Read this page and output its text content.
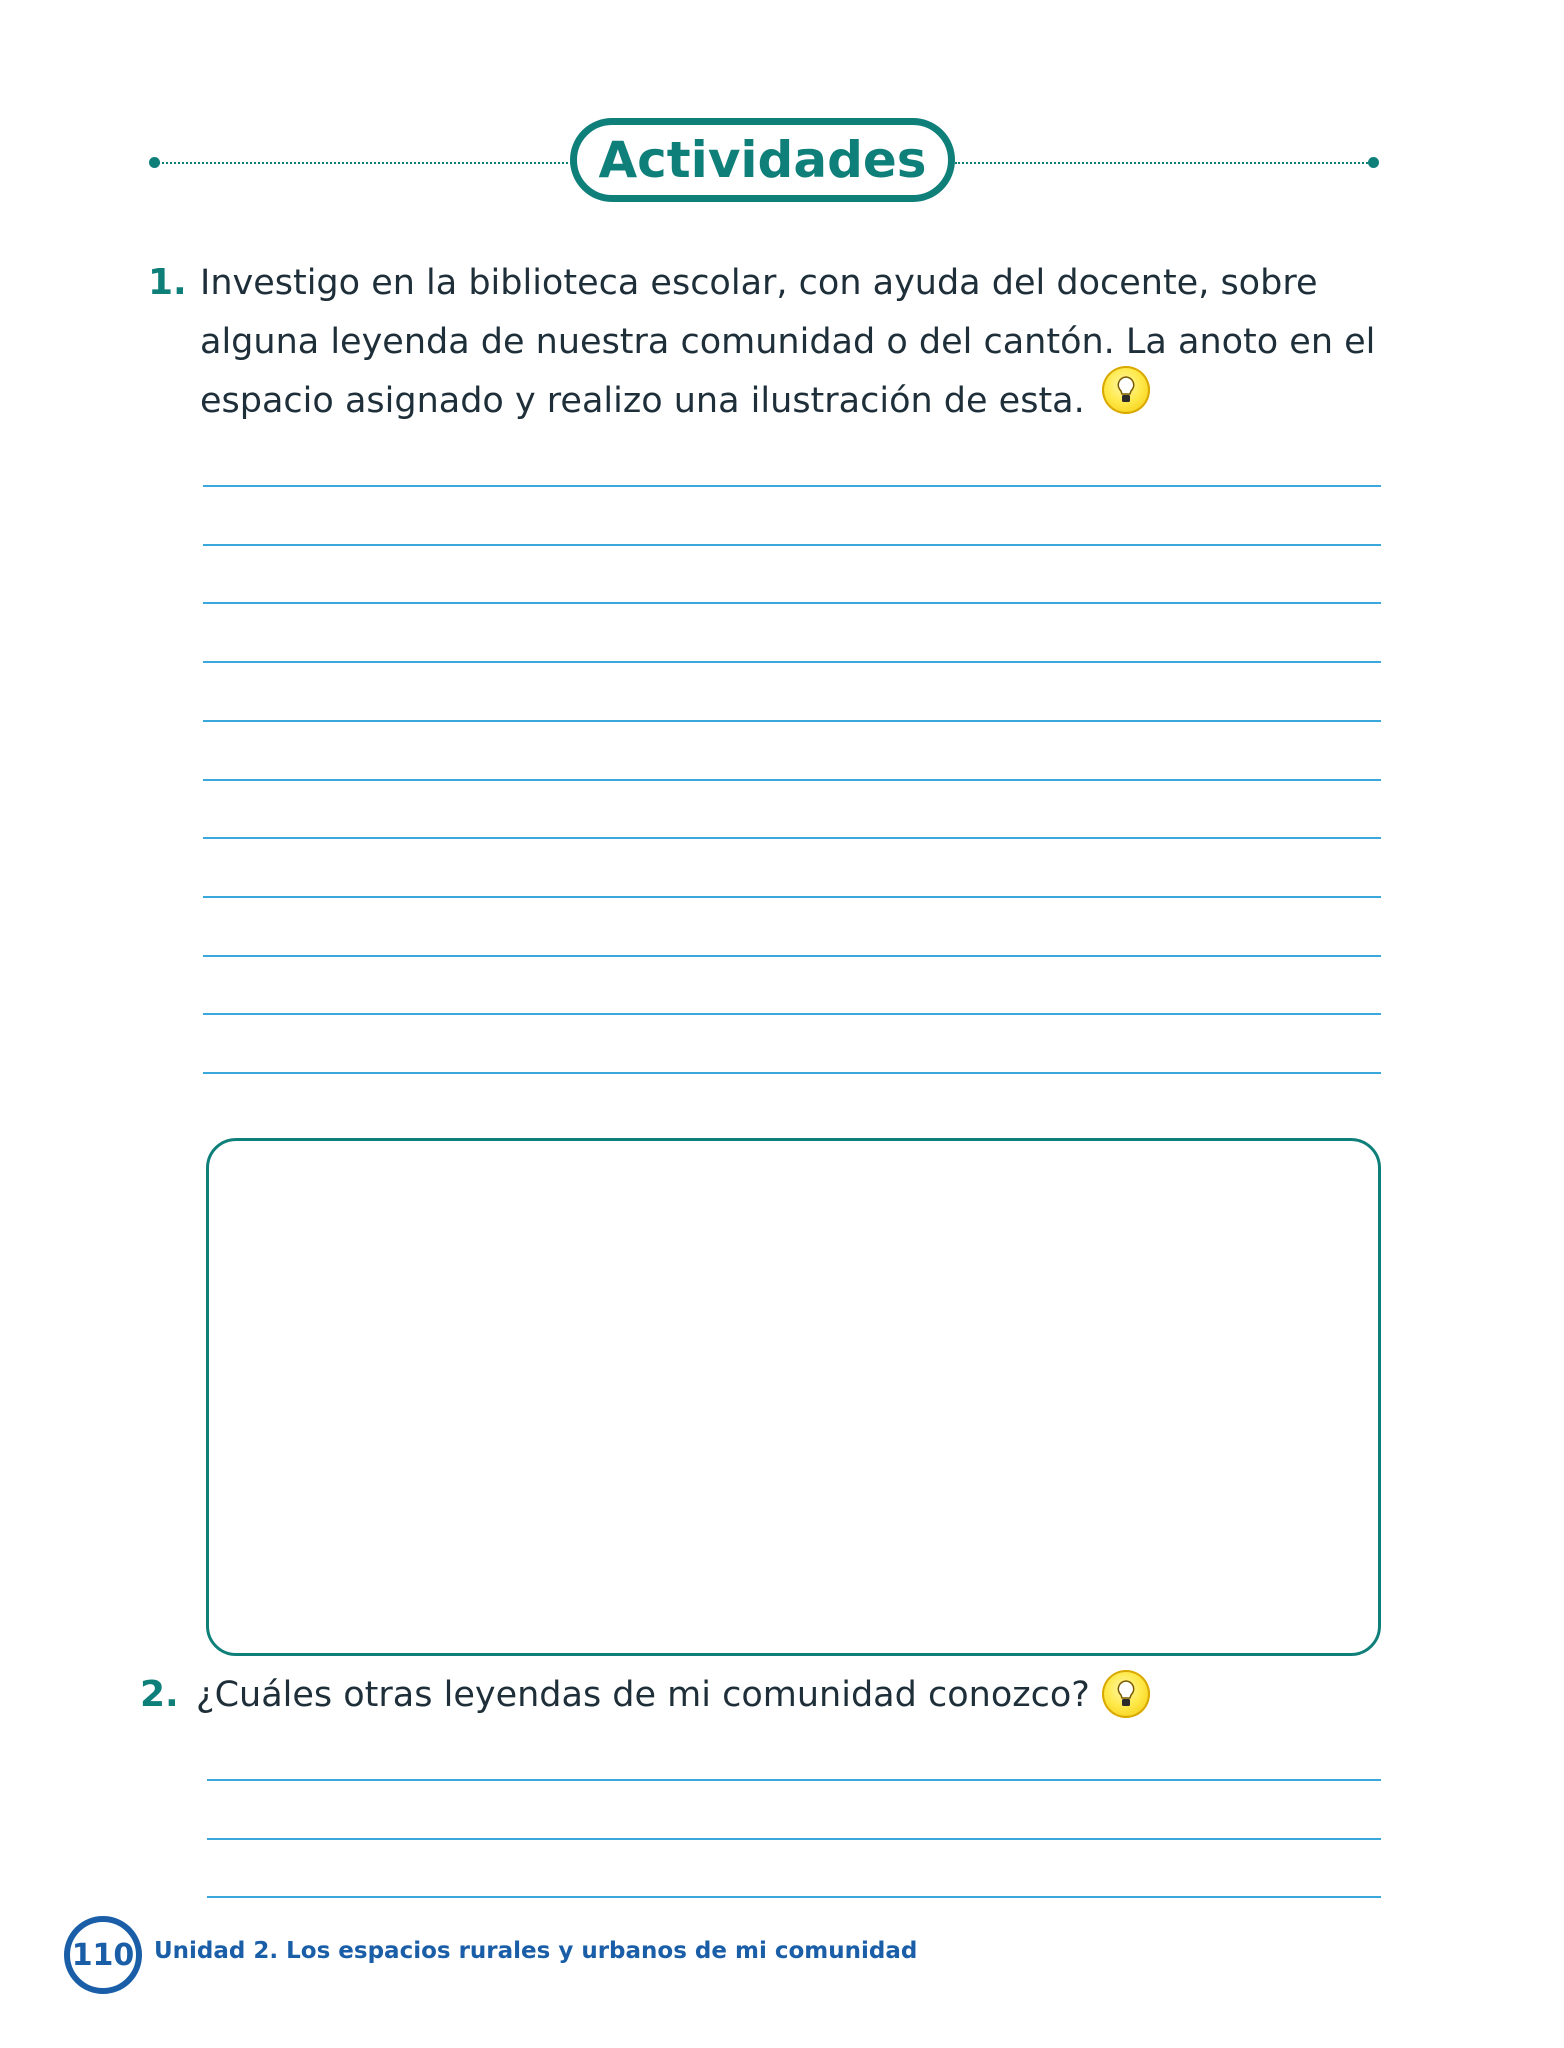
Actividades
1. Investigo en la biblioteca escolar, con ayuda del docente, sobre
alguna leyenda de nuestra comunidad o del cantón. La anoto en el
espacio asignado y realizo una ilustración de esta.
2. ¿Cuáles otras leyendas de mi comunidad conozco?
110 Unidad 2. Los espacios rurales y urbanos de mi comunidad
